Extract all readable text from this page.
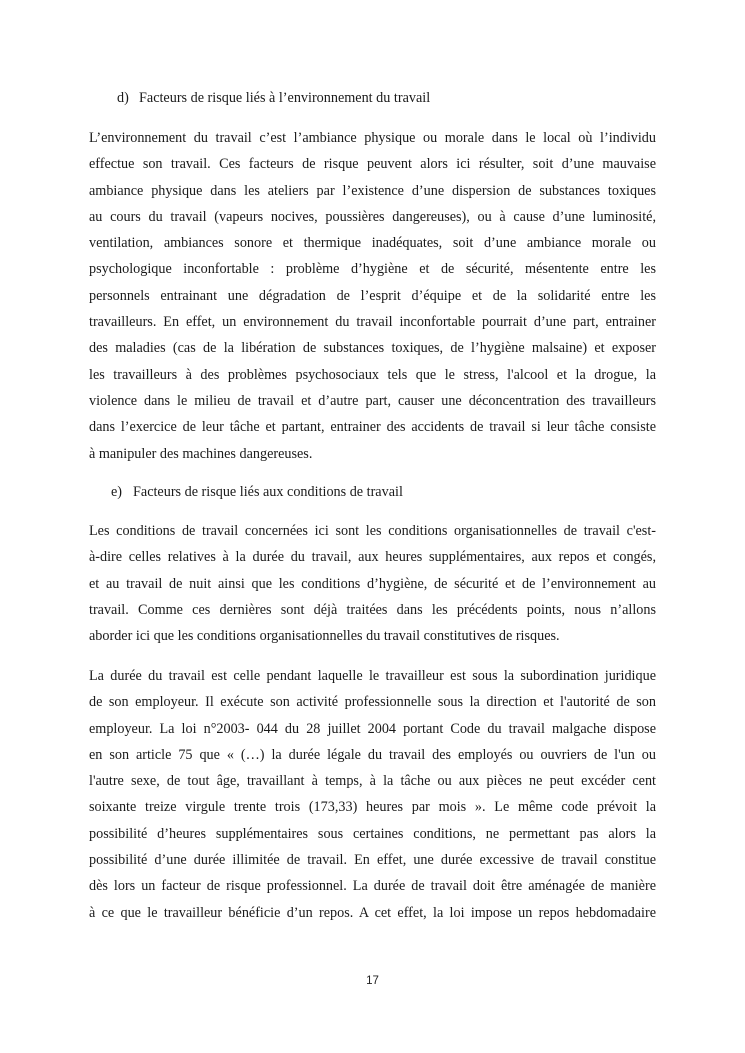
d) Facteurs de risque liés à l’environnement du travail
L’environnement du travail c’est l’ambiance physique ou morale dans le local où l’individu
effectue son travail. Ces facteurs de risque peuvent alors ici résulter, soit d’une mauvaise
ambiance physique dans les ateliers par l’existence d’une dispersion de substances toxiques
au cours du travail (vapeurs nocives, poussières dangereuses), ou à cause d’une luminosité,
ventilation, ambiances sonore et thermique inadéquates, soit d’une ambiance morale ou
psychologique inconfortable : problème d’hygiène et de sécurité, mésentente entre les
personnels entrainant une dégradation de l’esprit d’équipe et de la solidarité entre les
travailleurs. En effet, un environnement du travail inconfortable pourrait d’une part, entrainer
des maladies (cas de la libération de substances toxiques, de l’hygiène malsaine) et exposer
les travailleurs à des problèmes psychosociaux tels que le stress, l'alcool et la drogue, la
violence dans le milieu de travail et d’autre part, causer une déconcentration des travailleurs
dans l’exercice de leur tâche et partant, entrainer des accidents de travail si leur tâche consiste
à manipuler des machines dangereuses.
e) Facteurs de risque liés aux conditions de travail
Les conditions de travail concernées ici sont les conditions organisationnelles de travail c'est-
à-dire celles relatives à la durée du travail, aux heures supplémentaires, aux repos et congés,
et au travail de nuit ainsi que les conditions d’hygiène, de sécurité et de l’environnement au
travail. Comme ces dernières sont déjà traitées dans les précédents points, nous n’allons
aborder ici que les conditions organisationnelles du travail constitutives de risques.
La durée du travail est celle pendant laquelle le travailleur est sous la subordination juridique
de son employeur. Il exécute son activité professionnelle sous la direction et l'autorité de son
employeur. La loi n°2003- 044 du 28 juillet 2004 portant Code du travail malgache dispose
en son article 75 que « (…) la durée légale du travail des employés ou ouvriers de l'un ou
l'autre sexe, de tout âge, travaillant à temps, à la tâche ou aux pièces ne peut excéder cent
soixante treize virgule trente trois (173,33) heures par mois ». Le même code prévoit la
possibilité d’heures supplémentaires sous certaines conditions, ne permettant pas alors la
possibilité d’une durée illimitée de travail. En effet, une durée excessive de travail constitue
dès lors un facteur de risque professionnel. La durée de travail doit être aménagée de manière
à ce que le travailleur bénéficie d’un repos. A cet effet, la loi impose un repos hebdomadaire
17
